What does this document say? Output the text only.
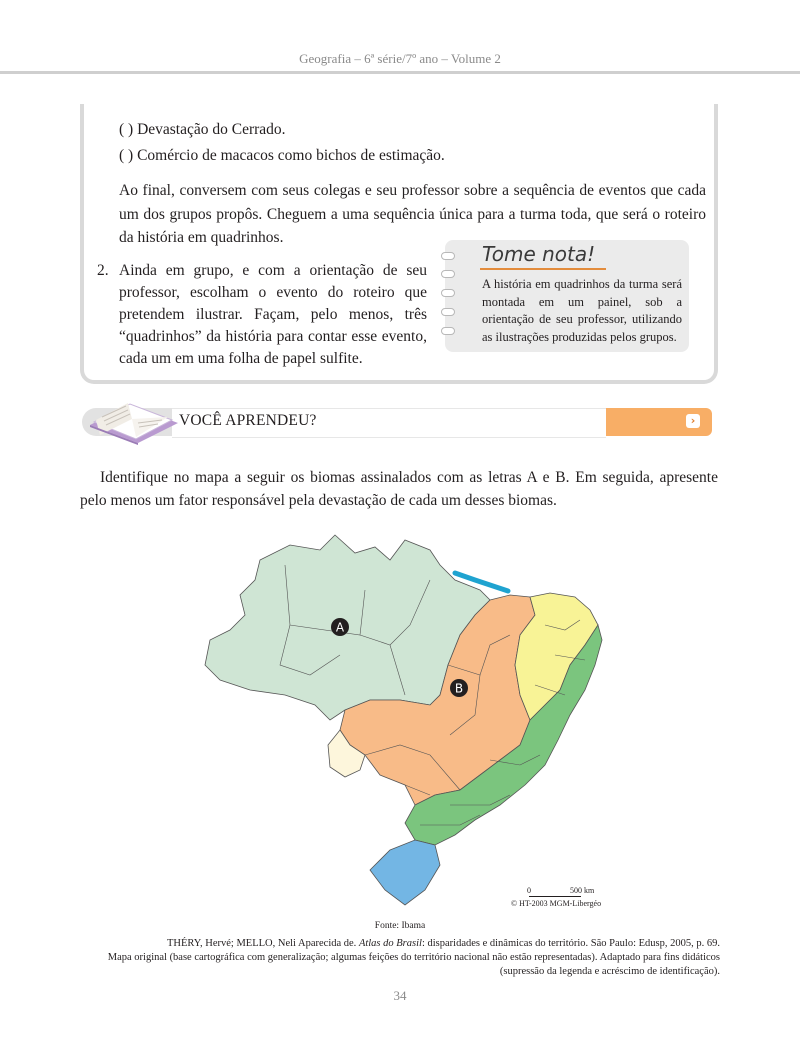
Geografia – 6ª série/7º ano – Volume 2
( ) Devastação do Cerrado.
( ) Comércio de macacos como bichos de estimação.
Ao final, conversem com seus colegas e seu professor sobre a sequência de eventos que cada um dos grupos propôs. Cheguem a uma sequência única para a turma toda, que será o roteiro da história em quadrinhos.
2. Ainda em grupo, e com a orientação de seu professor, escolham o evento do roteiro que pretendem ilustrar. Façam, pelo menos, três “quadrinhos” da história para contar esse evento, cada um em uma folha de papel sulfite.
Tome nota!
A história em quadrinhos da turma será montada em um painel, sob a orientação de seu professor, utilizando as ilustrações produzidas pelos grupos.
VOCÊ APRENDEU?	›
Identifique no mapa a seguir os biomas assinalados com as letras A e B. Em seguida, apresente pelo menos um fator responsável pela devastação de cada um desses biomas.
A
B
0	500 km
© HT-2003 MGM-Libergéo
Fonte: Ibama
THÉRY, Hervé; MELLO, Neli Aparecida de. Atlas do Brasil: disparidades e dinâmicas do território. São Paulo: Edusp, 2005, p. 69.
Mapa original (base cartográfica com generalização; algumas feições do território nacional não estão representadas). Adaptado para fins didáticos (supressão da legenda e acréscimo de identificação).
34
